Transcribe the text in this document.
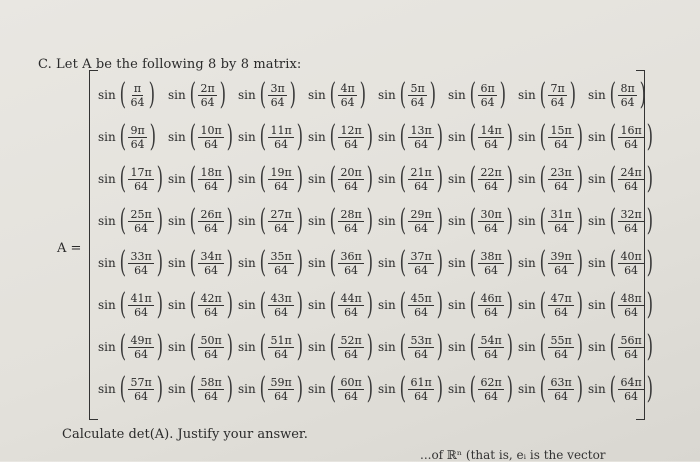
C. Let A be the following 8 by 8 matrix:
A =
sin ( $\frac{\pi}{64}$ ) sin ( $\frac{2\pi}{64}$ ) sin ( $\frac{3\pi}{64}$ ) sin ( $\frac{4\pi}{64}$ ) sin ( $\frac{5\pi}{64}$ ) sin ( $\frac{6\pi}{64}$ ) sin ( $\frac{7\pi}{64}$ ) sin ( $\frac{8\pi}{64}$ )
sin ( $\frac{9\pi}{64}$ ) sin ( $\frac{10\pi}{64}$ ) sin ( $\frac{11\pi}{64}$ ) sin ( $\frac{12\pi}{64}$ ) sin ( $\frac{13\pi}{64}$ ) sin ( $\frac{14\pi}{64}$ ) sin ( $\frac{15\pi}{64}$ ) sin ( $\frac{16\pi}{64}$ )
sin ( $\frac{17\pi}{64}$ ) sin ( $\frac{18\pi}{64}$ ) sin ( $\frac{19\pi}{64}$ ) sin ( $\frac{20\pi}{64}$ ) sin ( $\frac{21\pi}{64}$ ) sin ( $\frac{22\pi}{64}$ ) sin ( $\frac{23\pi}{64}$ ) sin ( $\frac{24\pi}{64}$ )
sin ( $\frac{25\pi}{64}$ ) sin ( $\frac{26\pi}{64}$ ) sin ( $\frac{27\pi}{64}$ ) sin ( $\frac{28\pi}{64}$ ) sin ( $\frac{29\pi}{64}$ ) sin ( $\frac{30\pi}{64}$ ) sin ( $\frac{31\pi}{64}$ ) sin ( $\frac{32\pi}{64}$ )
sin ( $\frac{33\pi}{64}$ ) sin ( $\frac{34\pi}{64}$ ) sin ( $\frac{35\pi}{64}$ ) sin ( $\frac{36\pi}{64}$ ) sin ( $\frac{37\pi}{64}$ ) sin ( $\frac{38\pi}{64}$ ) sin ( $\frac{39\pi}{64}$ ) sin ( $\frac{40\pi}{64}$ )
sin ( $\frac{41\pi}{64}$ ) sin ( $\frac{42\pi}{64}$ ) sin ( $\frac{43\pi}{64}$ ) sin ( $\frac{44\pi}{64}$ ) sin ( $\frac{45\pi}{64}$ ) sin ( $\frac{46\pi}{64}$ ) sin ( $\frac{47\pi}{64}$ ) sin ( $\frac{48\pi}{64}$ )
sin ( $\frac{49\pi}{64}$ ) sin ( $\frac{50\pi}{64}$ ) sin ( $\frac{51\pi}{64}$ ) sin ( $\frac{52\pi}{64}$ ) sin ( $\frac{53\pi}{64}$ ) sin ( $\frac{54\pi}{64}$ ) sin ( $\frac{55\pi}{64}$ ) sin ( $\frac{56\pi}{64}$ )
sin ( $\frac{57\pi}{64}$ ) sin ( $\frac{58\pi}{64}$ ) sin ( $\frac{59\pi}{64}$ ) sin ( $\frac{60\pi}{64}$ ) sin ( $\frac{61\pi}{64}$ ) sin ( $\frac{62\pi}{64}$ ) sin ( $\frac{63\pi}{64}$ ) sin ( $\frac{64\pi}{64}$ )
Calculate det(A). Justify your answer.
...of ℝⁿ (that is, eᵢ is the vector
